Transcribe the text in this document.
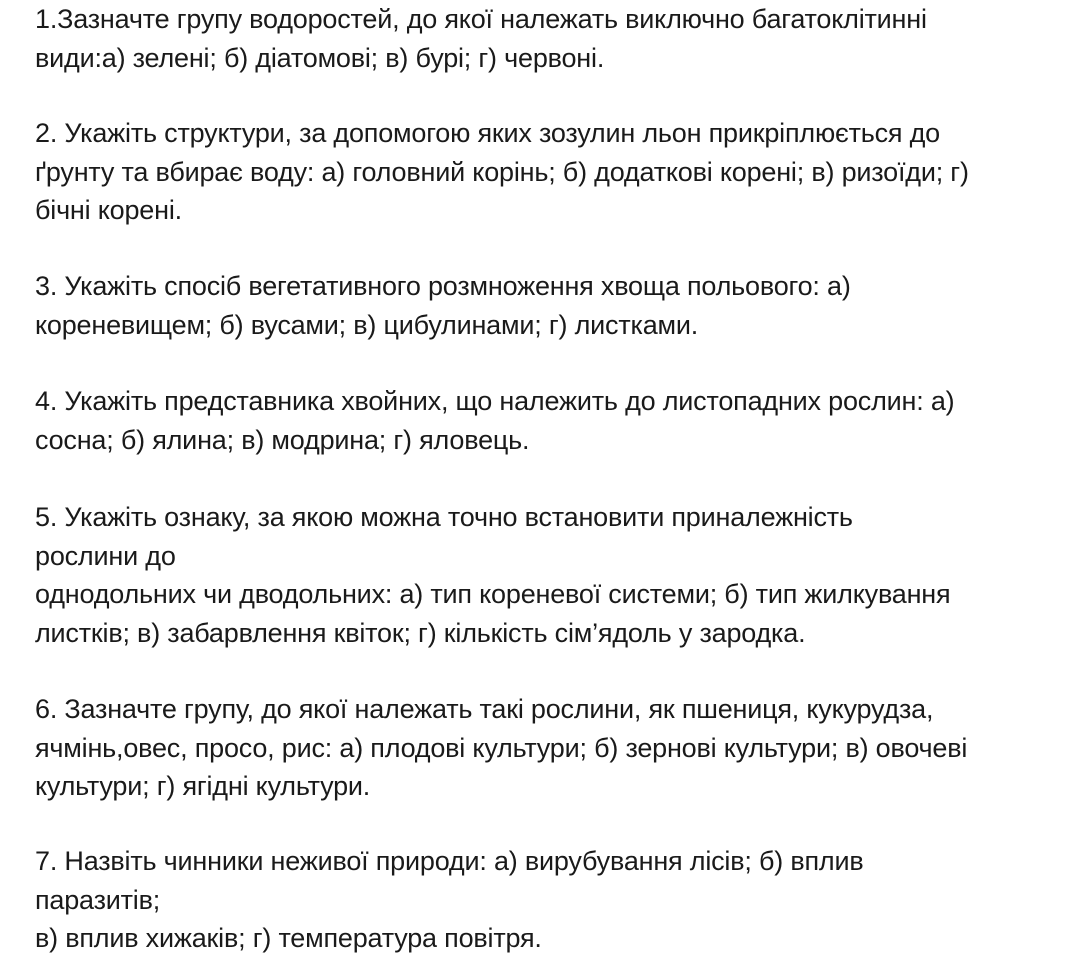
1.Зазначте групу водоростей, до якої належать виключно багатоклітинні
види:а) зелені; б) діатомові; в) бурі; г) червоні.
2. Укажіть структури, за допомогою яких зозулин льон прикріплюється до
ґрунту та вбирає воду: а) головний корінь; б) додаткові корені; в) ризоїди; г)
бічні корені.
3. Укажіть спосіб вегетативного розмноження хвоща польового: а)
кореневищем; б) вусами; в) цибулинами; г) листками.
4. Укажіть представника хвойних, що належить до листопадних рослин: а)
сосна; б) ялина; в) модрина; г) яловець.
5. Укажіть ознаку, за якою можна точно встановити приналежність
рослини до
однодольних чи дводольних: а) тип кореневої системи; б) тип жилкування
листків; в) забарвлення квіток; г) кількість сім’ядоль у зародка.
6. Зазначте групу, до якої належать такі рослини, як пшениця, кукурудза,
ячмінь,овес, просо, рис: а) плодові культури; б) зернові культури; в) овочеві
культури; г) ягідні культури.
7. Назвіть чинники неживої природи: а) вирубування лісів; б) вплив
паразитів;
в) вплив хижаків; г) температура повітря.
